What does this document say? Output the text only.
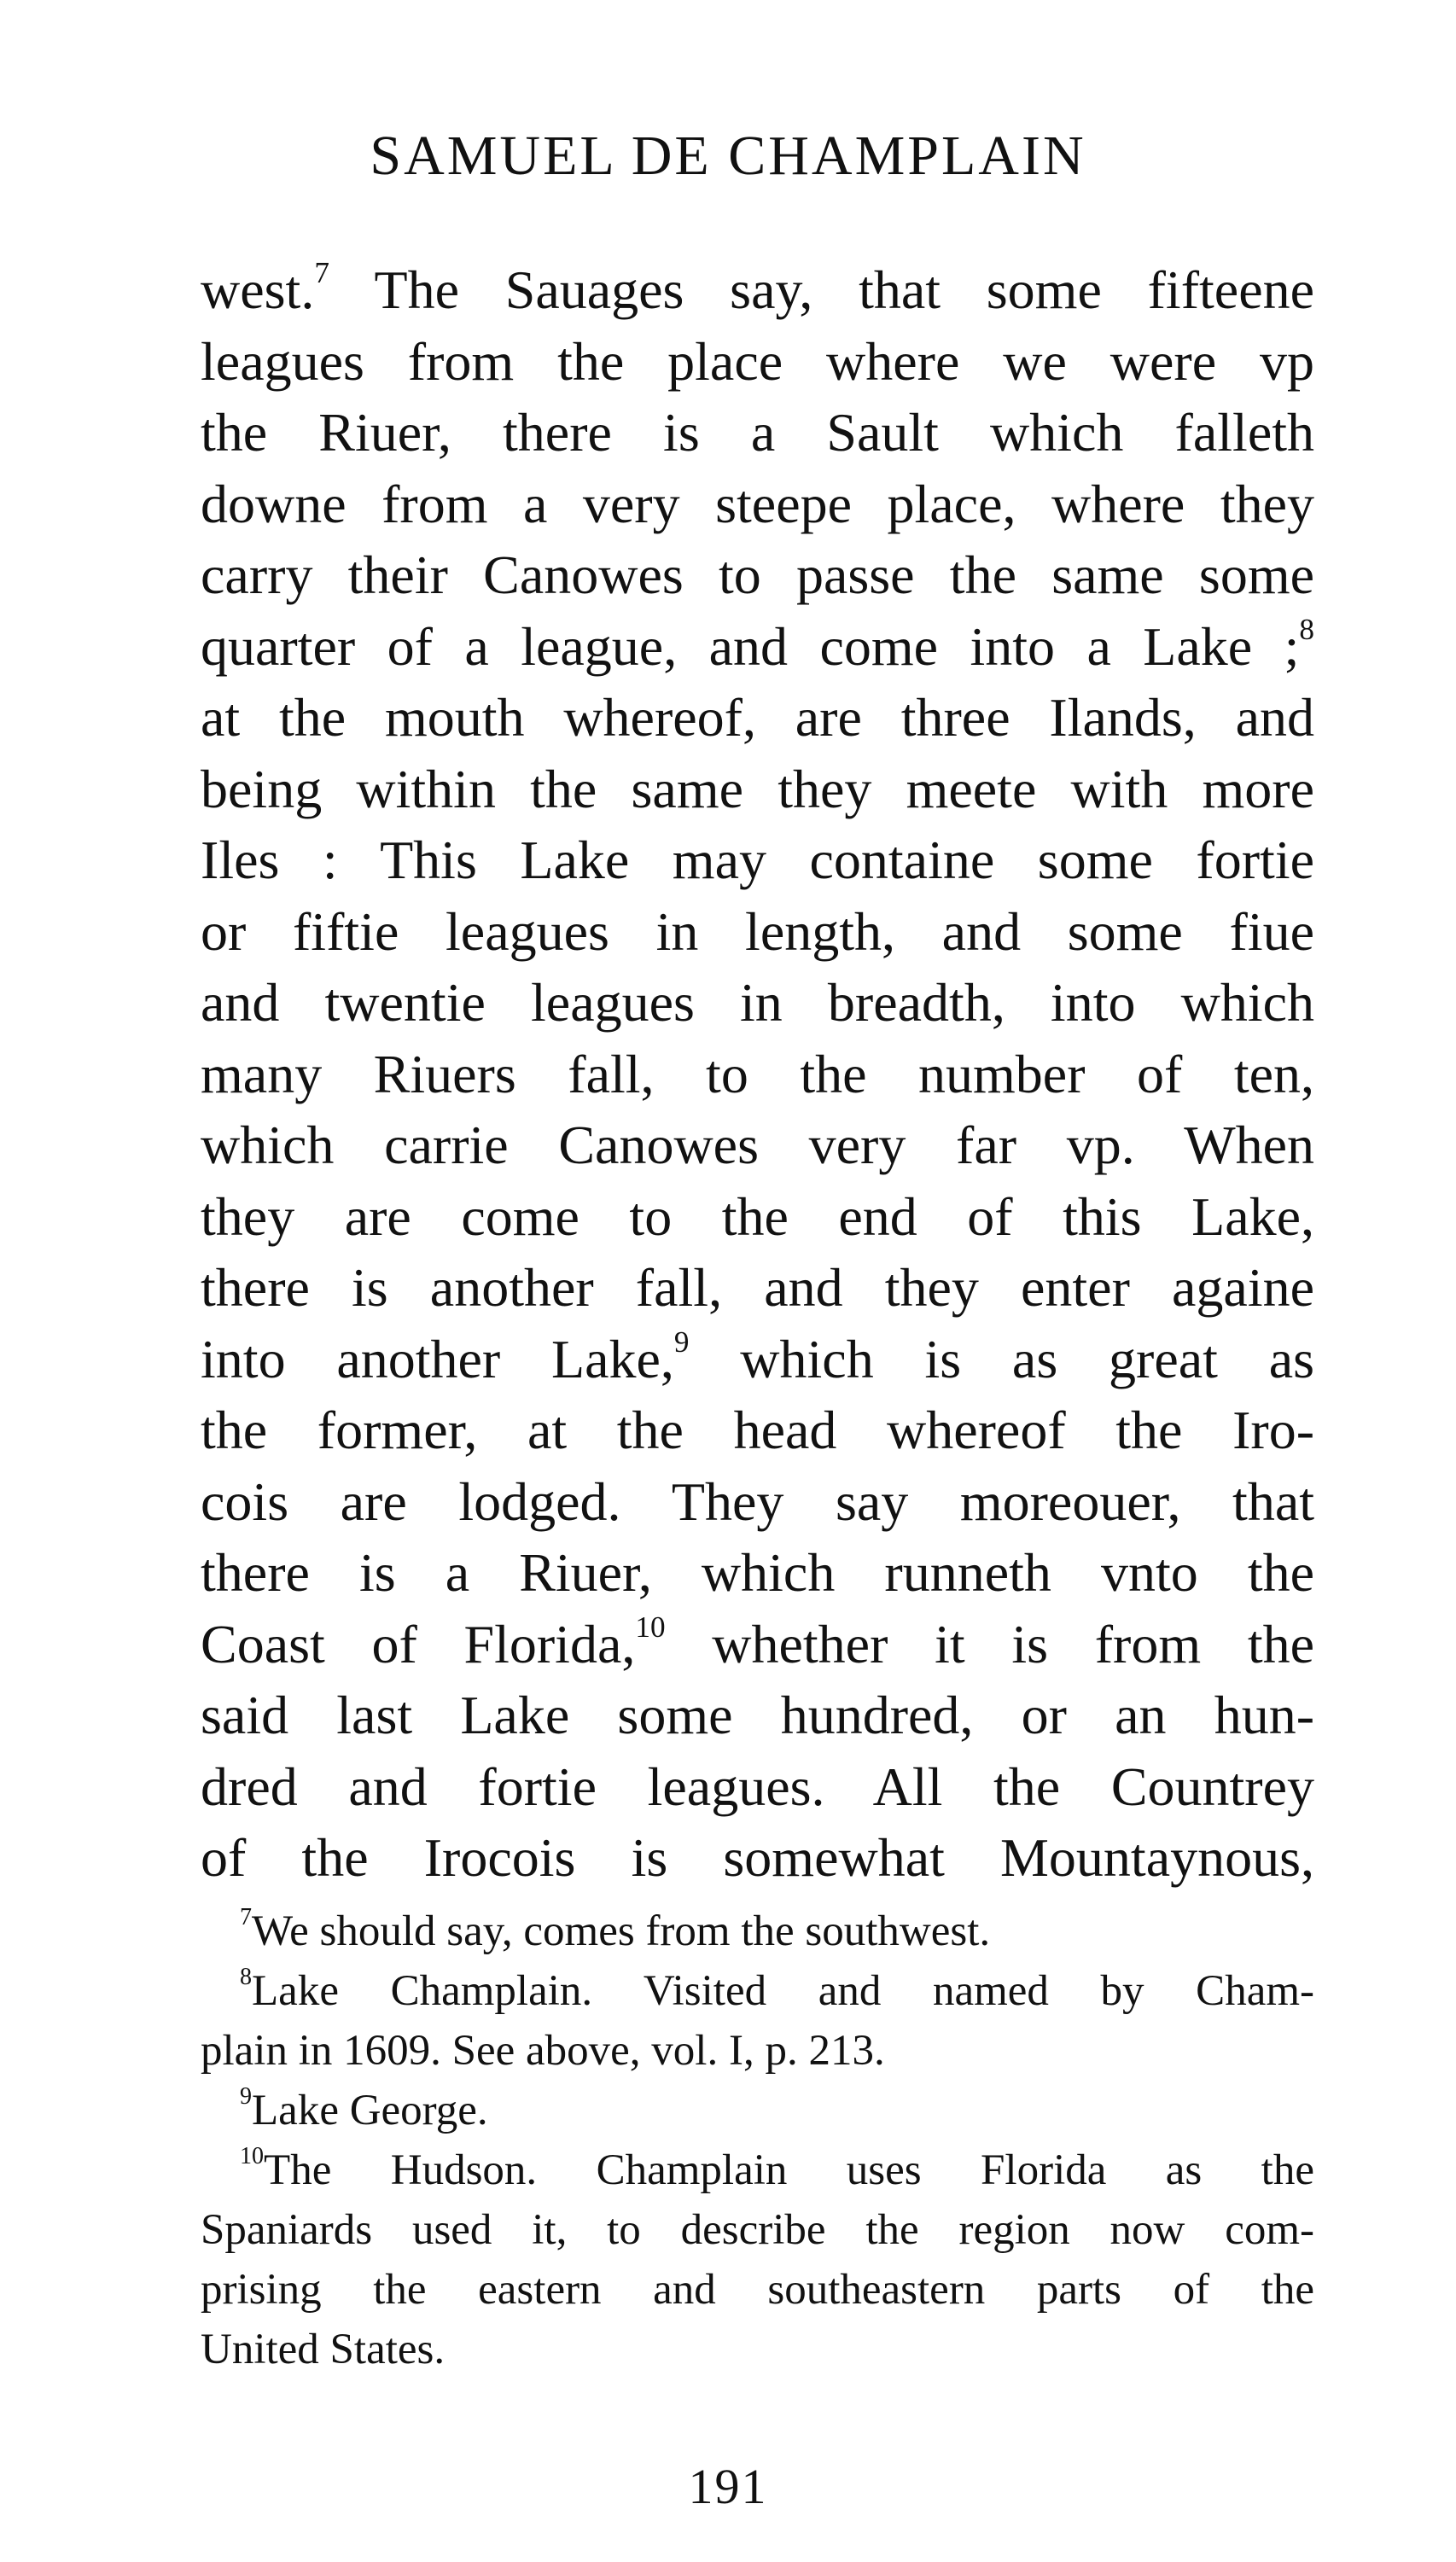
SAMUEL DE CHAMPLAIN
west.$^7$ The Sauages say, that some fifteene
leagues from the place where we were vp
the Riuer, there is a Sault which falleth
downe from a very steepe place, where they
carry their Canowes to passe the same some
quarter of a league, and come into a Lake ;$^8$
at the mouth whereof, are three Ilands, and
being within the same they meete with more
Iles : This Lake may containe some fortie
or fiftie leagues in length, and some fiue
and twentie leagues in breadth, into which
many Riuers fall, to the number of ten,
which carrie Canowes very far vp. When
they are come to the end of this Lake,
there is another fall, and they enter againe
into another Lake,$^9$ which is as great as
the former, at the head whereof the Iro-
cois are lodged. They say moreouer, that
there is a Riuer, which runneth vnto the
Coast of Florida,$^{10}$ whether it is from the
said last Lake some hundred, or an hun-
dred and fortie leagues. All the Countrey
of the Irocois is somewhat Mountaynous,
$^7$We should say, comes from the southwest.
$^8$Lake Champlain. Visited and named by Cham-
plain in 1609. See above, vol. I, p. 213.
$^9$Lake George.
$^{10}$The Hudson. Champlain uses Florida as the
Spaniards used it, to describe the region now com-
prising the eastern and southeastern parts of the
United States.
191
